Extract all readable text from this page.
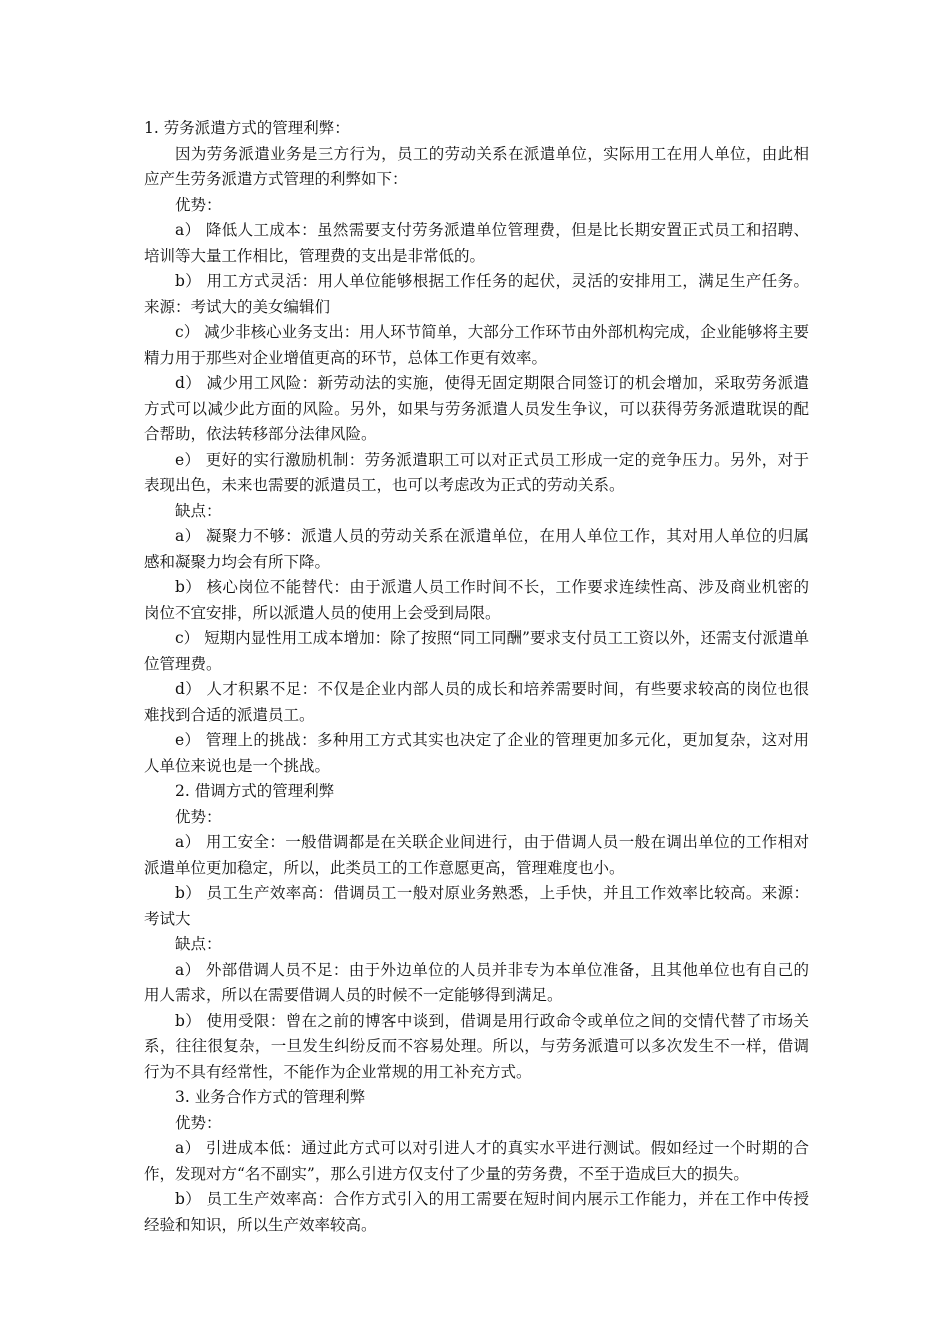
1. 劳务派遣方式的管理利弊：

因为劳务派遣业务是三方行为，员工的劳动关系在派遣单位，实际用工在用人单位，由此相应产生劳务派遣方式管理的利弊如下：

优势：

a） 降低人工成本：虽然需要支付劳务派遣单位管理费，但是比长期安置正式员工和招聘、培训等大量工作相比，管理费的支出是非常低的。

b） 用工方式灵活：用人单位能够根据工作任务的起伏，灵活的安排用工，满足生产任务。来源：考试大的美女编辑们

c） 减少非核心业务支出：用人环节简单，大部分工作环节由外部机构完成，企业能够将主要精力用于那些对企业增值更高的环节，总体工作更有效率。

d） 减少用工风险：新劳动法的实施，使得无固定期限合同签订的机会增加，采取劳务派遣方式可以减少此方面的风险。另外，如果与劳务派遣人员发生争议，可以获得劳务派遣耽误的配合帮助，依法转移部分法律风险。

e） 更好的实行激励机制：劳务派遣职工可以对正式员工形成一定的竞争压力。另外，对于表现出色，未来也需要的派遣员工，也可以考虑改为正式的劳动关系。

缺点：

a） 凝聚力不够：派遣人员的劳动关系在派遣单位，在用人单位工作，其对用人单位的归属感和凝聚力均会有所下降。

b） 核心岗位不能替代：由于派遣人员工作时间不长，工作要求连续性高、涉及商业机密的岗位不宜安排，所以派遣人员的使用上会受到局限。

c） 短期内显性用工成本增加：除了按照“同工同酬”要求支付员工工资以外，还需支付派遣单位管理费。

d） 人才积累不足：不仅是企业内部人员的成长和培养需要时间，有些要求较高的岗位也很难找到合适的派遣员工。

e） 管理上的挑战：多种用工方式其实也决定了企业的管理更加多元化，更加复杂，这对用人单位来说也是一个挑战。

2. 借调方式的管理利弊

优势：

a） 用工安全：一般借调都是在关联企业间进行，由于借调人员一般在调出单位的工作相对派遣单位更加稳定，所以，此类员工的工作意愿更高，管理难度也小。

b） 员工生产效率高：借调员工一般对原业务熟悉，上手快，并且工作效率比较高。来源：考试大

缺点：

a） 外部借调人员不足：由于外边单位的人员并非专为本单位准备，且其他单位也有自己的用人需求，所以在需要借调人员的时候不一定能够得到满足。

b） 使用受限：曾在之前的博客中谈到，借调是用行政命令或单位之间的交情代替了市场关系，往往很复杂，一旦发生纠纷反而不容易处理。所以，与劳务派遣可以多次发生不一样，借调行为不具有经常性，不能作为企业常规的用工补充方式。

3. 业务合作方式的管理利弊

优势：

a） 引进成本低：通过此方式可以对引进人才的真实水平进行测试。假如经过一个时期的合作，发现对方“名不副实”，那么引进方仅支付了少量的劳务费，不至于造成巨大的损失。

b） 员工生产效率高：合作方式引入的用工需要在短时间内展示工作能力，并在工作中传授经验和知识，所以生产效率较高。
